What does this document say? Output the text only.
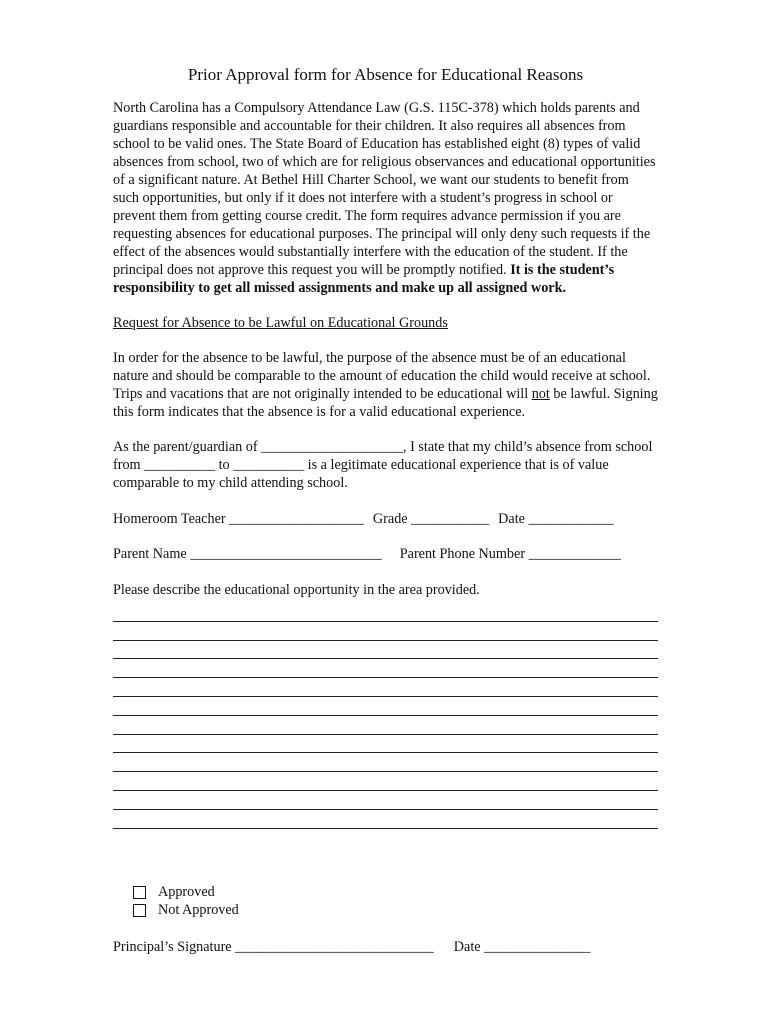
Prior Approval form for Absence for Educational Reasons

North Carolina has a Compulsory Attendance Law (G.S. 115C-378) which holds parents and guardians responsible and accountable for their children. It also requires all absences from school to be valid ones. The State Board of Education has established eight (8) types of valid absences from school, two of which are for religious observances and educational opportunities of a significant nature. At Bethel Hill Charter School, we want our students to benefit from such opportunities, but only if it does not interfere with a student’s progress in school or prevent them from getting course credit. The form requires advance permission if you are requesting absences for educational purposes. The principal will only deny such requests if the effect of the absences would substantially interfere with the education of the student. If the principal does not approve this request you will be promptly notified. It is the student’s responsibility to get all missed assignments and make up all assigned work.

Request for Absence to be Lawful on Educational Grounds

In order for the absence to be lawful, the purpose of the absence must be of an educational nature and should be comparable to the amount of education the child would receive at school. Trips and vacations that are not originally intended to be educational will not be lawful. Signing this form indicates that the absence is for a valid educational experience.

As the parent/guardian of ____________________, I state that my child’s absence from school from __________ to __________ is a legitimate educational experience that is of value comparable to my child attending school.

Homeroom Teacher ___________________ Grade ___________ Date ____________
Parent Name ___________________________ Parent Phone Number _____________

Please describe the educational opportunity in the area provided.

Approved
Not Approved
Principal’s Signature ____________________________ Date _______________
